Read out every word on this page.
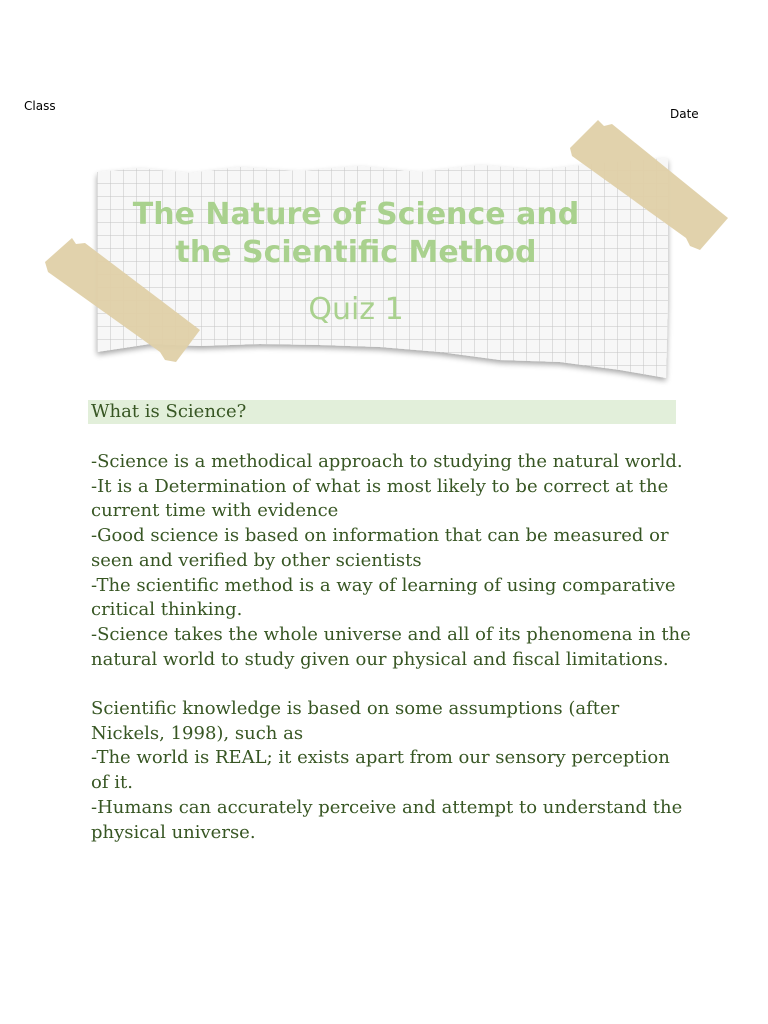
Class
Date
The Nature of Science and the Scientific Method
Quiz 1
What is Science?

-Science is a methodical approach to studying the natural world.

-It is a Determination of what is most likely to be correct at the current time with evidence

-Good science is based on information that can be measured or seen and verified by other scientists

-The scientific method is a way of learning of using comparative critical thinking.

-Science takes the whole universe and all of its phenomena in the natural world to study given our physical and fiscal limitations.

Scientific knowledge is based on some assumptions (after Nickels, 1998), such as

-The world is REAL; it exists apart from our sensory perception of it.

-Humans can accurately perceive and attempt to understand the physical universe.
